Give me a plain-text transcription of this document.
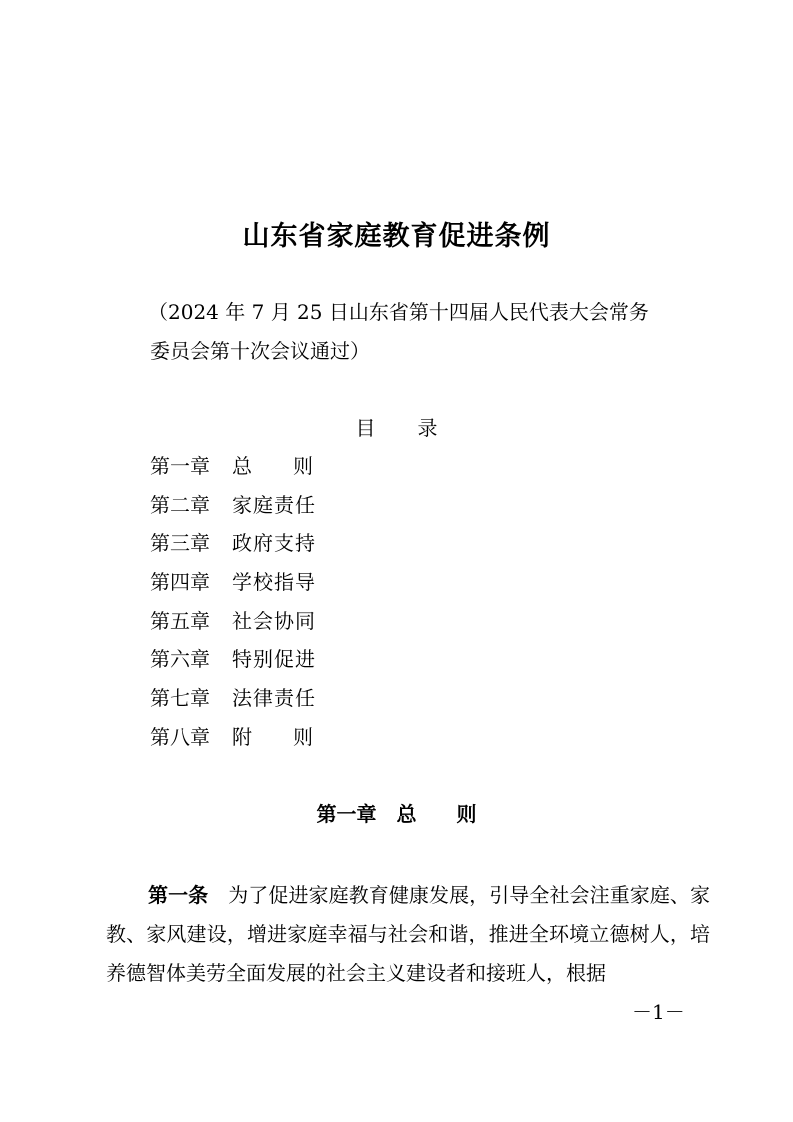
山东省家庭教育促进条例
（2024 年 7 月 25 日山东省第十四届人民代表大会常务
委员会第十次会议通过）
目 录
第一章 总 则
第二章 家庭责任
第三章 政府支持
第四章 学校指导
第五章 社会协同
第六章 特别促进
第七章 法律责任
第八章 附 则
第一章 总 则

第一条 为了促进家庭教育健康发展，引导全社会注重家庭、家教、家风建设，增进家庭幸福与社会和谐，推进全环境立德树人，培养德智体美劳全面发展的社会主义建设者和接班人，根据

－1－
